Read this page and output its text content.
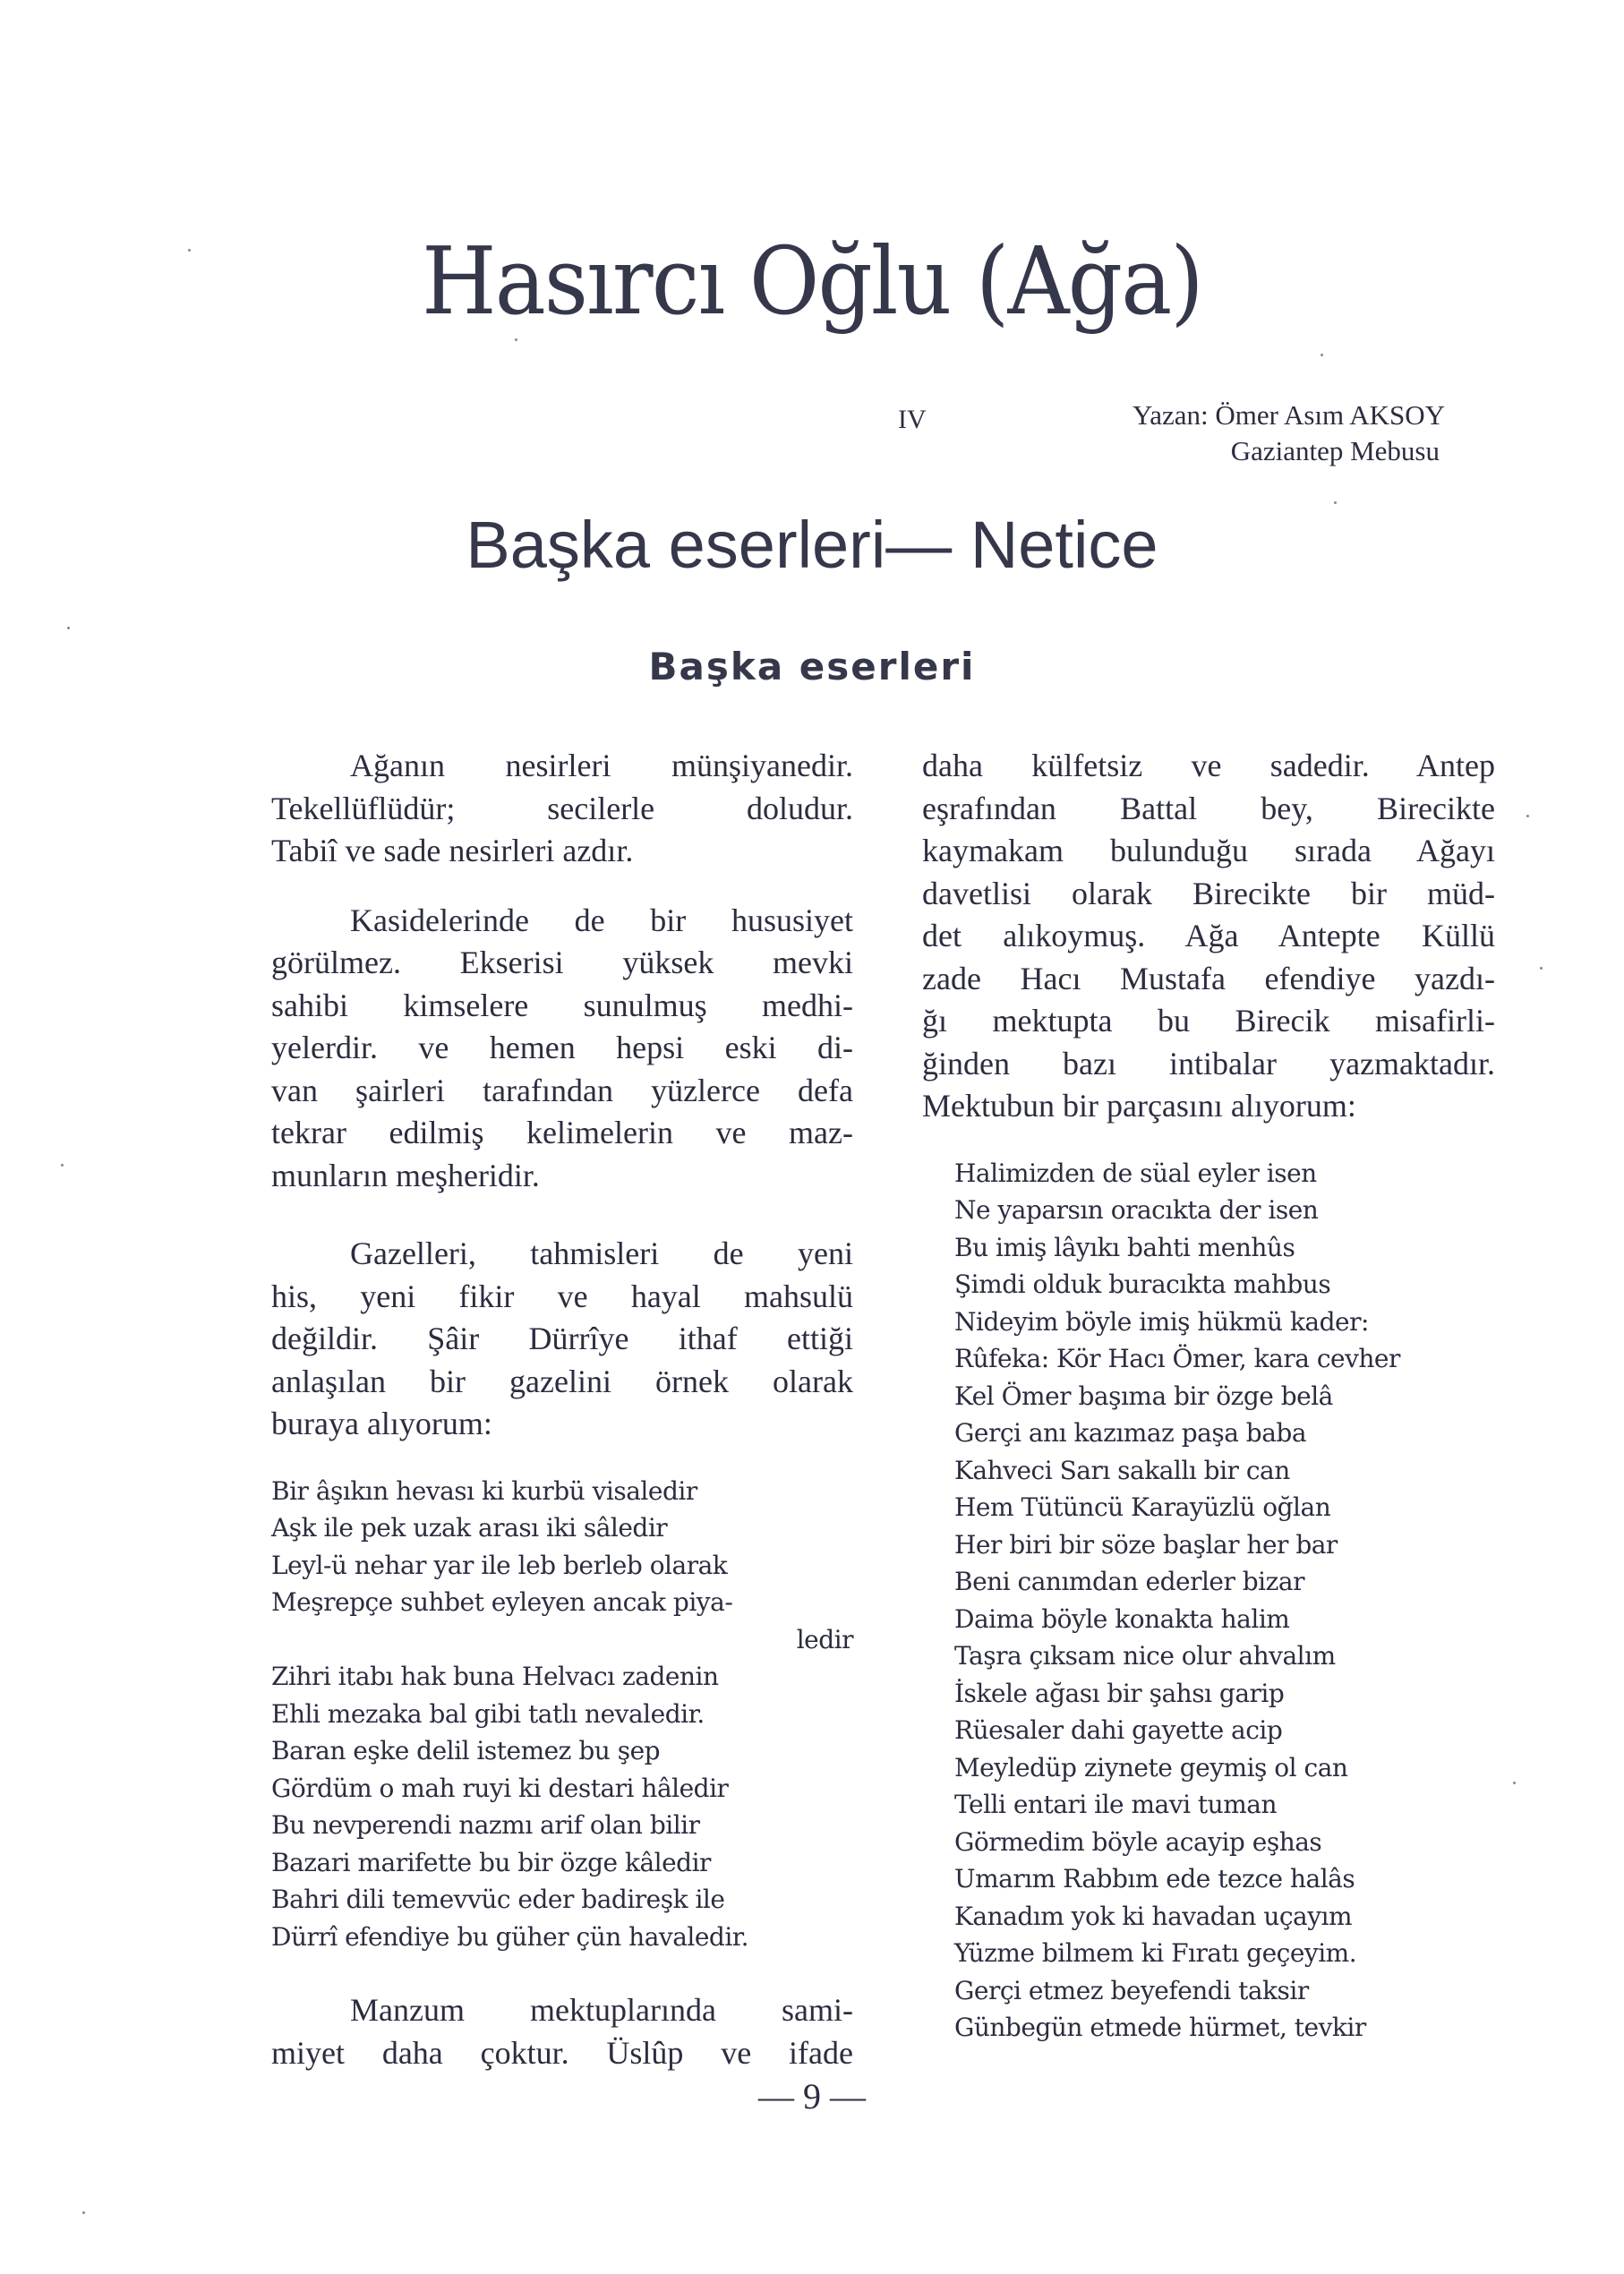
Hasırcı Oğlu (Ağa)
IV	Yazan: Ömer Asım AKSOY
Gaziantep Mebusu
Başka eserleri— Netice
Başka eserleri
Ağanın nesirleri münşiyanedir.
Tekellüflüdür; secilerle doludur.
Tabiî ve sade nesirleri azdır.
Kasidelerinde de bir hususiyet
görülmez. Ekserisi yüksek mevki
sahibi kimselere sunulmuş medhi-
yelerdir. ve hemen hepsi eski di-
van şairleri tarafından yüzlerce defa
tekrar edilmiş kelimelerin ve maz-
munların meşheridir.
Gazelleri, tahmisleri de yeni
his, yeni fikir ve hayal mahsulü
değildir. Şâir Dürrîye ithaf ettiği
anlaşılan bir gazelini örnek olarak
buraya alıyorum:
Bir âşıkın hevası ki kurbü visaledir
Aşk ile pek uzak arası iki sâledir
Leyl-ü nehar yar ile leb berleb olarak
Meşrepçe suhbet eyleyen ancak piya-
ledir
Zihri itabı hak buna Helvacı zadenin
Ehli mezaka bal gibi tatlı nevaledir.
Baran eşke delil istemez bu şep
Gördüm o mah ruyi ki destari hâledir
Bu nevperendi nazmı arif olan bilir
Bazari marifette bu bir özge kâledir
Bahri dili temevvüc eder badireşk ile
Dürrî efendiye bu güher çün havaledir.
Manzum mektuplarında sami-
miyet daha çoktur. Üslûp ve ifade
daha külfetsiz ve sadedir. Antep
eşrafından Battal bey, Birecikte
kaymakam bulunduğu sırada Ağayı
davetlisi olarak Birecikte bir müd-
det alıkoymuş. Ağa Antepte Küllü
zade Hacı Mustafa efendiye yazdı-
ğı mektupta bu Birecik misafirli-
ğinden bazı intibalar yazmaktadır.
Mektubun bir parçasını alıyorum:
Halimizden de süal eyler isen
Ne yaparsın oracıkta der isen
Bu imiş lâyıkı bahti menhûs
Şimdi olduk buracıkta mahbus
Nideyim böyle imiş hükmü kader:
Rûfeka: Kör Hacı Ömer, kara cevher
Kel Ömer başıma bir özge belâ
Gerçi anı kazımaz paşa baba
Kahveci Sarı sakallı bir can
Hem Tütüncü Karayüzlü oğlan
Her biri bir söze başlar her bar
Beni canımdan ederler bizar
Daima böyle konakta halim
Taşra çıksam nice olur ahvalım
İskele ağası bir şahsı garip
Rüesaler dahi gayette acip
Meyledüp ziynete geymiş ol can
Telli entari ile mavi tuman
Görmedim böyle acayip eşhas
Umarım Rabbım ede tezce halâs
Kanadım yok ki havadan uçayım
Yüzme bilmem ki Fıratı geçeyim.
Gerçi etmez beyefendi taksir
Günbegün etmede hürmet, tevkir
— 9 —
